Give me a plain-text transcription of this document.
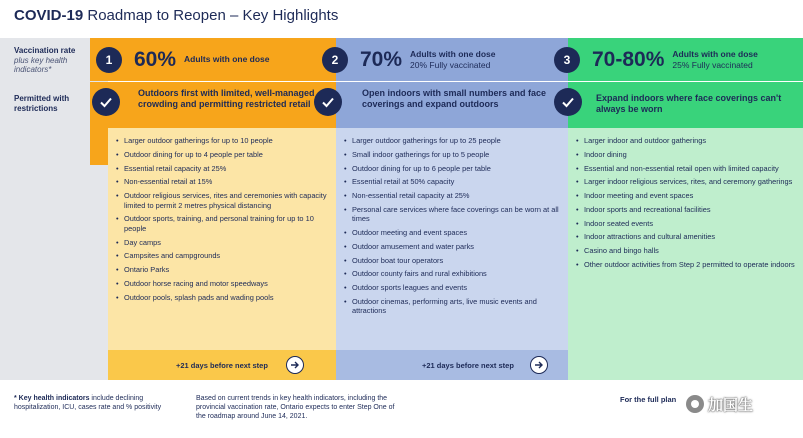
COVID-19 Roadmap to Reopen – Key Highlights
Vaccination rate
plus key health indicators*
Permitted with restrictions
1	60% Adults with one dose
Outdoors first with limited, well-managed crowding and permitting restricted retail
• Larger outdoor gatherings for up to 10 people
• Outdoor dining for up to 4 people per table
• Essential retail capacity at 25%
• Non-essential retail at 15%
• Outdoor religious services, rites and ceremonies with capacity limited to permit 2 metres physical distancing
• Outdoor sports, training, and personal training for up to 10 people
• Day camps
• Campsites and campgrounds
• Ontario Parks
• Outdoor horse racing and motor speedways
• Outdoor pools, splash pads and wading pools
+21 days before next step
2	70% Adults with one dose
20% Fully vaccinated
Open indoors with small numbers and face coverings and expand outdoors
• Larger outdoor gatherings for up to 25 people
• Small indoor gatherings for up to 5 people
• Outdoor dining for up to 6 people per table
• Essential retail at 50% capacity
• Non-essential retail capacity at 25%
• Personal care services where face coverings can be worn at all times
• Outdoor meeting and event spaces
• Outdoor amusement and water parks
• Outdoor boat tour operators
• Outdoor county fairs and rural exhibitions
• Outdoor sports leagues and events
• Outdoor cinemas, performing arts, live music events and attractions
+21 days before next step
3	70-80% Adults with one dose
25% Fully vaccinated
Expand indoors where face coverings can't always be worn
• Larger indoor and outdoor gatherings
• Indoor dining
• Essential and non-essential retail open with limited capacity
• Larger indoor religious services, rites, and ceremony gatherings
• Indoor meeting and event spaces
• Indoor sports and recreational facilities
• Indoor seated events
• Indoor attractions and cultural amenities
• Casino and bingo halls
• Other outdoor activities from Step 2 permitted to operate indoors
* Key health indicators include declining hospitalization, ICU, cases rate and % positivity
Based on current trends in key health indicators, including the provincial vaccination rate, Ontario expects to enter Step One of the roadmap around June 14, 2021.
For the full plan 加国生
